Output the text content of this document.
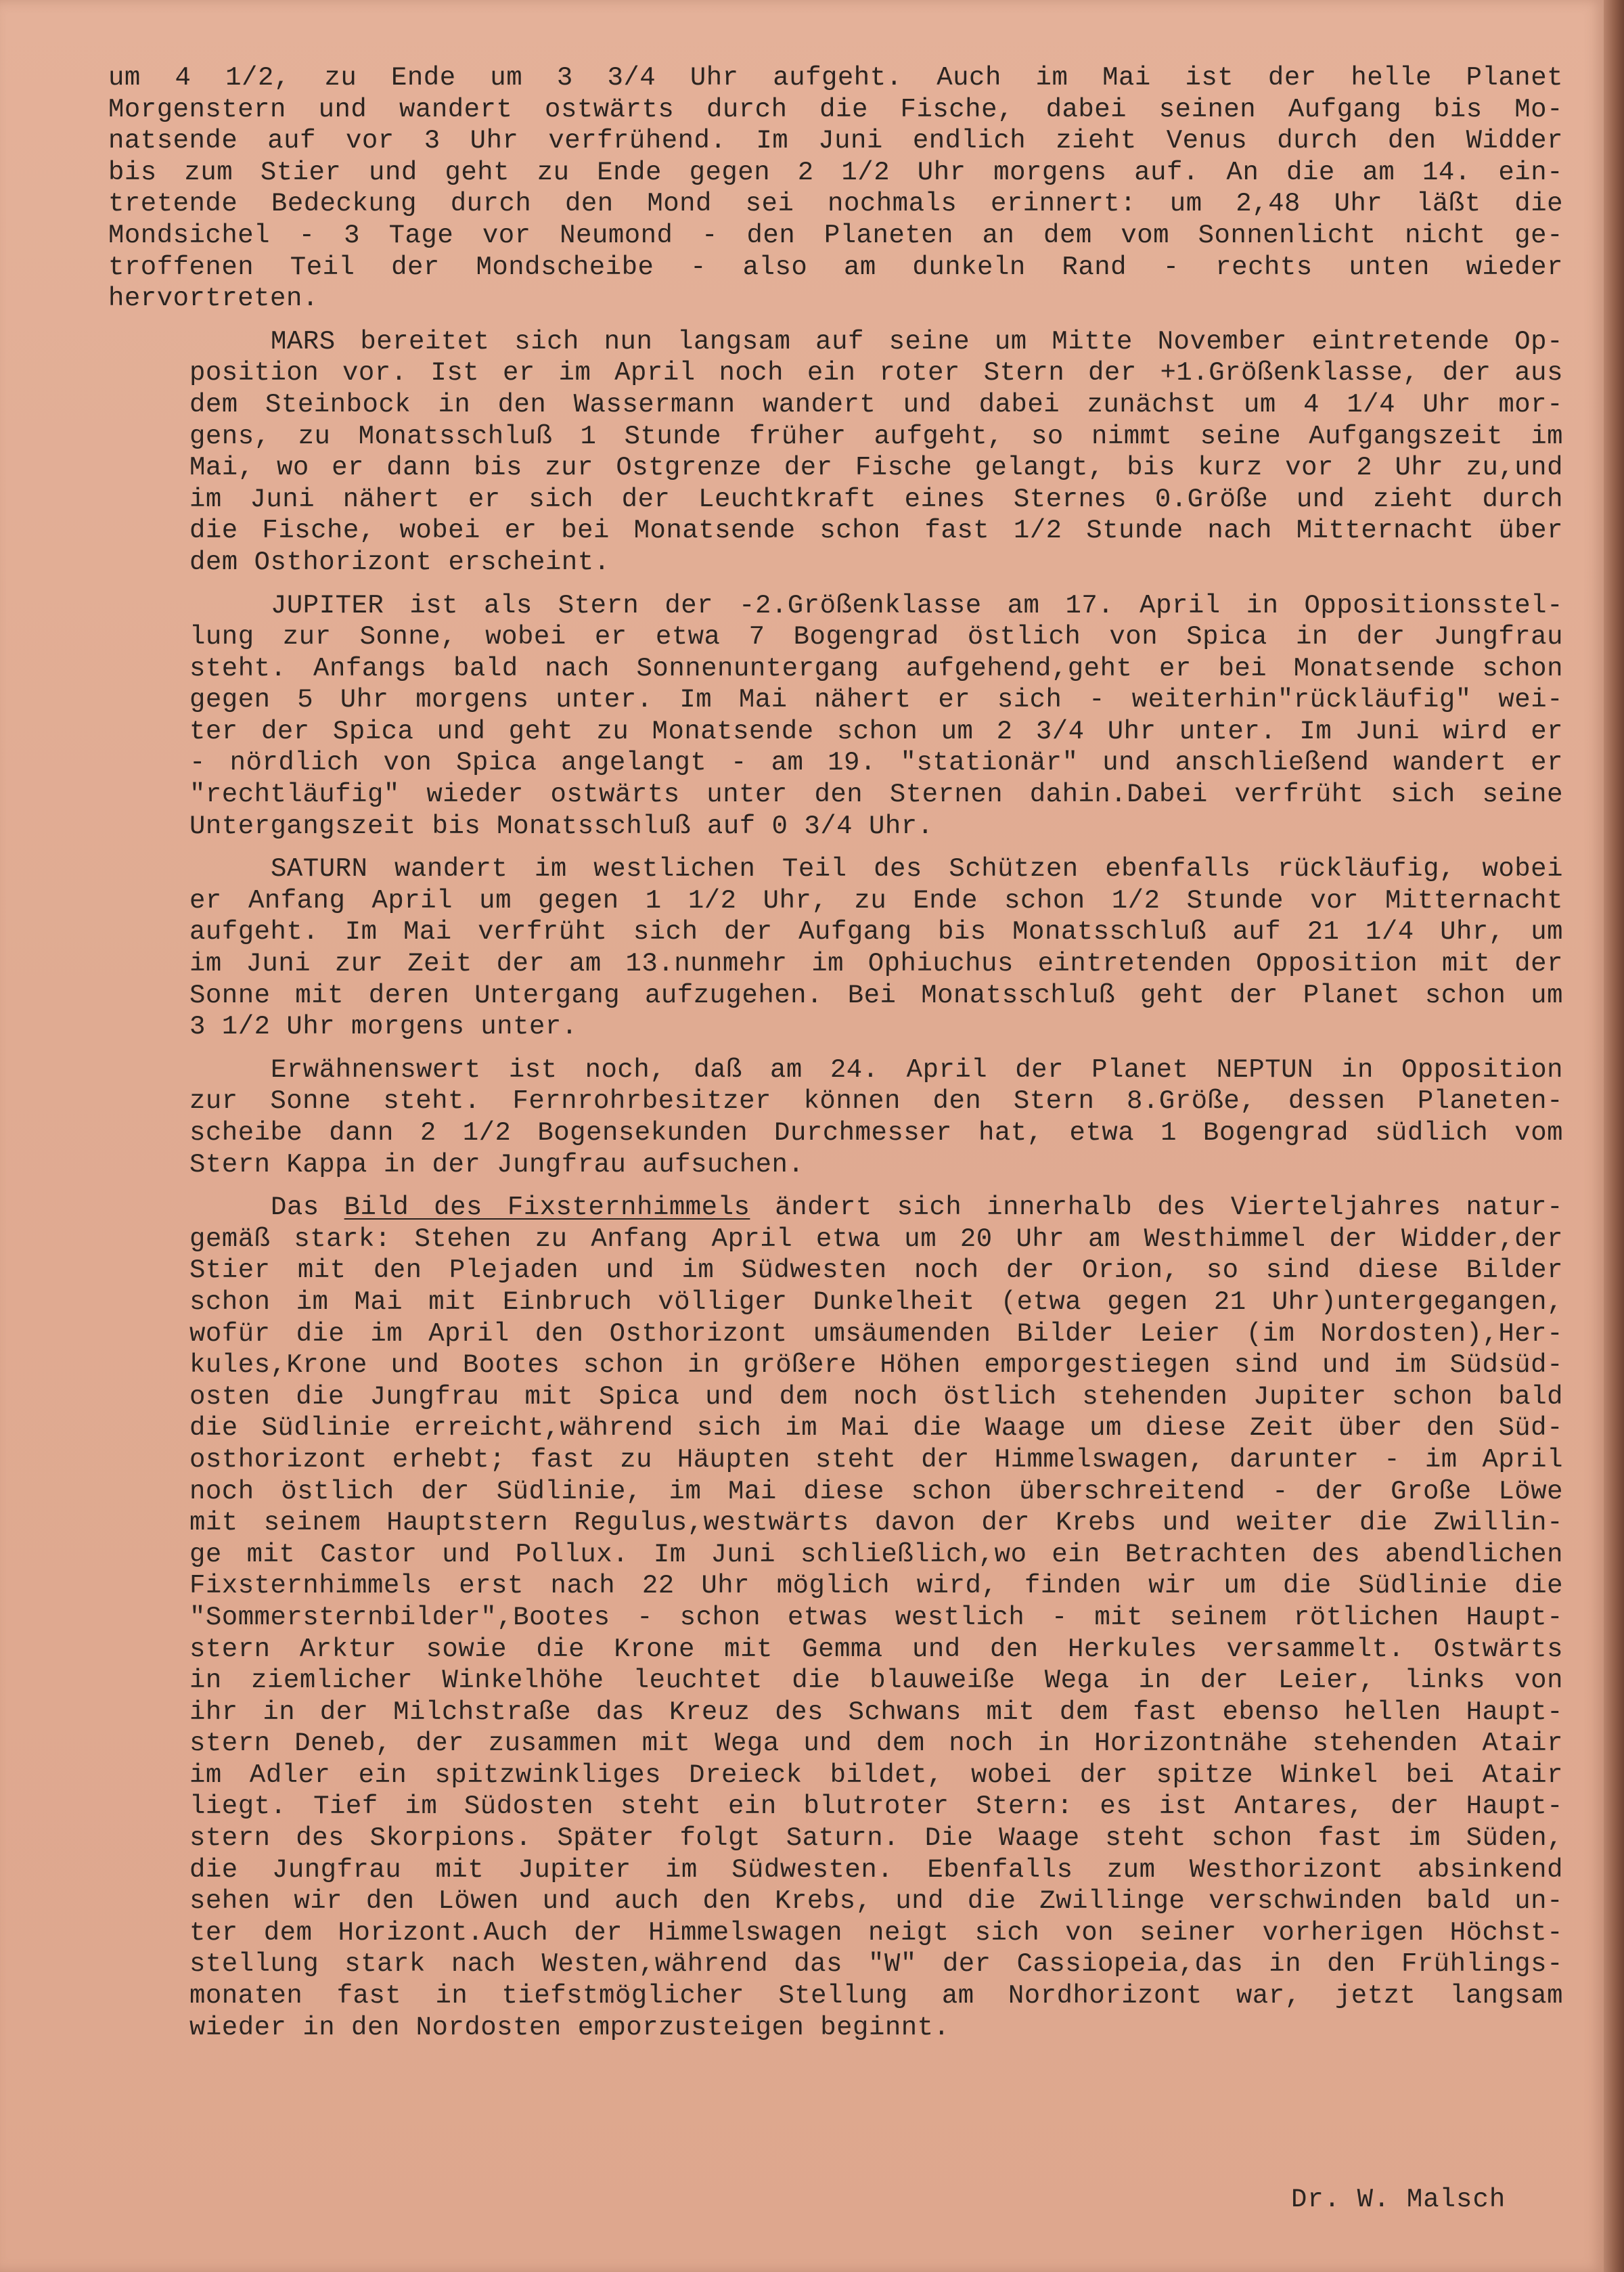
um 4 1/2, zu Ende um 3 3/4 Uhr aufgeht. Auch im Mai ist der helle Planet
Morgenstern und wandert ostwärts durch die Fische, dabei seinen Aufgang bis Mo-
natsende auf vor 3 Uhr verfrühend. Im Juni endlich zieht Venus durch den Widder
bis zum Stier und geht zu Ende gegen 2 1/2 Uhr morgens auf. An die am 14. ein-
tretende Bedeckung durch den Mond sei nochmals erinnert: um 2,48 Uhr läßt die
Mondsichel - 3 Tage vor Neumond - den Planeten an dem vom Sonnenlicht nicht ge-
troffenen Teil der Mondscheibe - also am dunkeln Rand - rechts unten wieder
hervortreten.
MARS bereitet sich nun langsam auf seine um Mitte November eintretende Op-
position vor. Ist er im April noch ein roter Stern der +1.Größenklasse, der aus
dem Steinbock in den Wassermann wandert und dabei zunächst um 4 1/4 Uhr mor-
gens, zu Monatsschluß 1 Stunde früher aufgeht, so nimmt seine Aufgangszeit im
Mai, wo er dann bis zur Ostgrenze der Fische gelangt, bis kurz vor 2 Uhr zu,und
im Juni nähert er sich der Leuchtkraft eines Sternes 0.Größe und zieht durch
die Fische, wobei er bei Monatsende schon fast 1/2 Stunde nach Mitternacht über
dem Osthorizont erscheint.
JUPITER ist als Stern der -2.Größenklasse am 17. April in Oppositionsstel-
lung zur Sonne, wobei er etwa 7 Bogengrad östlich von Spica in der Jungfrau
steht. Anfangs bald nach Sonnenuntergang aufgehend,geht er bei Monatsende schon
gegen 5 Uhr morgens unter. Im Mai nähert er sich - weiterhin"rückläufig" wei-
ter der Spica und geht zu Monatsende schon um 2 3/4 Uhr unter. Im Juni wird er
- nördlich von Spica angelangt - am 19. "stationär" und anschließend wandert er
"rechtläufig" wieder ostwärts unter den Sternen dahin.Dabei verfrüht sich seine
Untergangszeit bis Monatsschluß auf 0 3/4 Uhr.
SATURN wandert im westlichen Teil des Schützen ebenfalls rückläufig, wobei
er Anfang April um gegen 1 1/2 Uhr, zu Ende schon 1/2 Stunde vor Mitternacht
aufgeht. Im Mai verfrüht sich der Aufgang bis Monatsschluß auf 21 1/4 Uhr, um
im Juni zur Zeit der am 13.nunmehr im Ophiuchus eintretenden Opposition mit der
Sonne mit deren Untergang aufzugehen. Bei Monatsschluß geht der Planet schon um
3 1/2 Uhr morgens unter.
Erwähnenswert ist noch, daß am 24. April der Planet NEPTUN in Opposition
zur Sonne steht. Fernrohrbesitzer können den Stern 8.Größe, dessen Planeten-
scheibe dann 2 1/2 Bogensekunden Durchmesser hat, etwa 1 Bogengrad südlich vom
Stern Kappa in der Jungfrau aufsuchen.
Das Bild des Fixsternhimmels ändert sich innerhalb des Vierteljahres natur-
gemäß stark: Stehen zu Anfang April etwa um 20 Uhr am Westhimmel der Widder,der
Stier mit den Plejaden und im Südwesten noch der Orion, so sind diese Bilder
schon im Mai mit Einbruch völliger Dunkelheit (etwa gegen 21 Uhr)untergegangen,
wofür die im April den Osthorizont umsäumenden Bilder Leier (im Nordosten),Her-
kules,Krone und Bootes schon in größere Höhen emporgestiegen sind und im Südsüd-
osten die Jungfrau mit Spica und dem noch östlich stehenden Jupiter schon bald
die Südlinie erreicht,während sich im Mai die Waage um diese Zeit über den Süd-
osthorizont erhebt; fast zu Häupten steht der Himmelswagen, darunter - im April
noch östlich der Südlinie, im Mai diese schon überschreitend - der Große Löwe
mit seinem Hauptstern Regulus,westwärts davon der Krebs und weiter die Zwillin-
ge mit Castor und Pollux. Im Juni schließlich,wo ein Betrachten des abendlichen
Fixsternhimmels erst nach 22 Uhr möglich wird, finden wir um die Südlinie die
"Sommersternbilder",Bootes - schon etwas westlich - mit seinem rötlichen Haupt-
stern Arktur sowie die Krone mit Gemma und den Herkules versammelt. Ostwärts
in ziemlicher Winkelhöhe leuchtet die blauweiße Wega in der Leier, links von
ihr in der Milchstraße das Kreuz des Schwans mit dem fast ebenso hellen Haupt-
stern Deneb, der zusammen mit Wega und dem noch in Horizontnähe stehenden Atair
im Adler ein spitzwinkliges Dreieck bildet, wobei der spitze Winkel bei Atair
liegt. Tief im Südosten steht ein blutroter Stern: es ist Antares, der Haupt-
stern des Skorpions. Später folgt Saturn. Die Waage steht schon fast im Süden,
die Jungfrau mit Jupiter im Südwesten. Ebenfalls zum Westhorizont absinkend
sehen wir den Löwen und auch den Krebs, und die Zwillinge verschwinden bald un-
ter dem Horizont.Auch der Himmelswagen neigt sich von seiner vorherigen Höchst-
stellung stark nach Westen,während das "W" der Cassiopeia,das in den Frühlings-
monaten fast in tiefstmöglicher Stellung am Nordhorizont war, jetzt langsam
wieder in den Nordosten emporzusteigen beginnt.
Dr. W. Malsch
